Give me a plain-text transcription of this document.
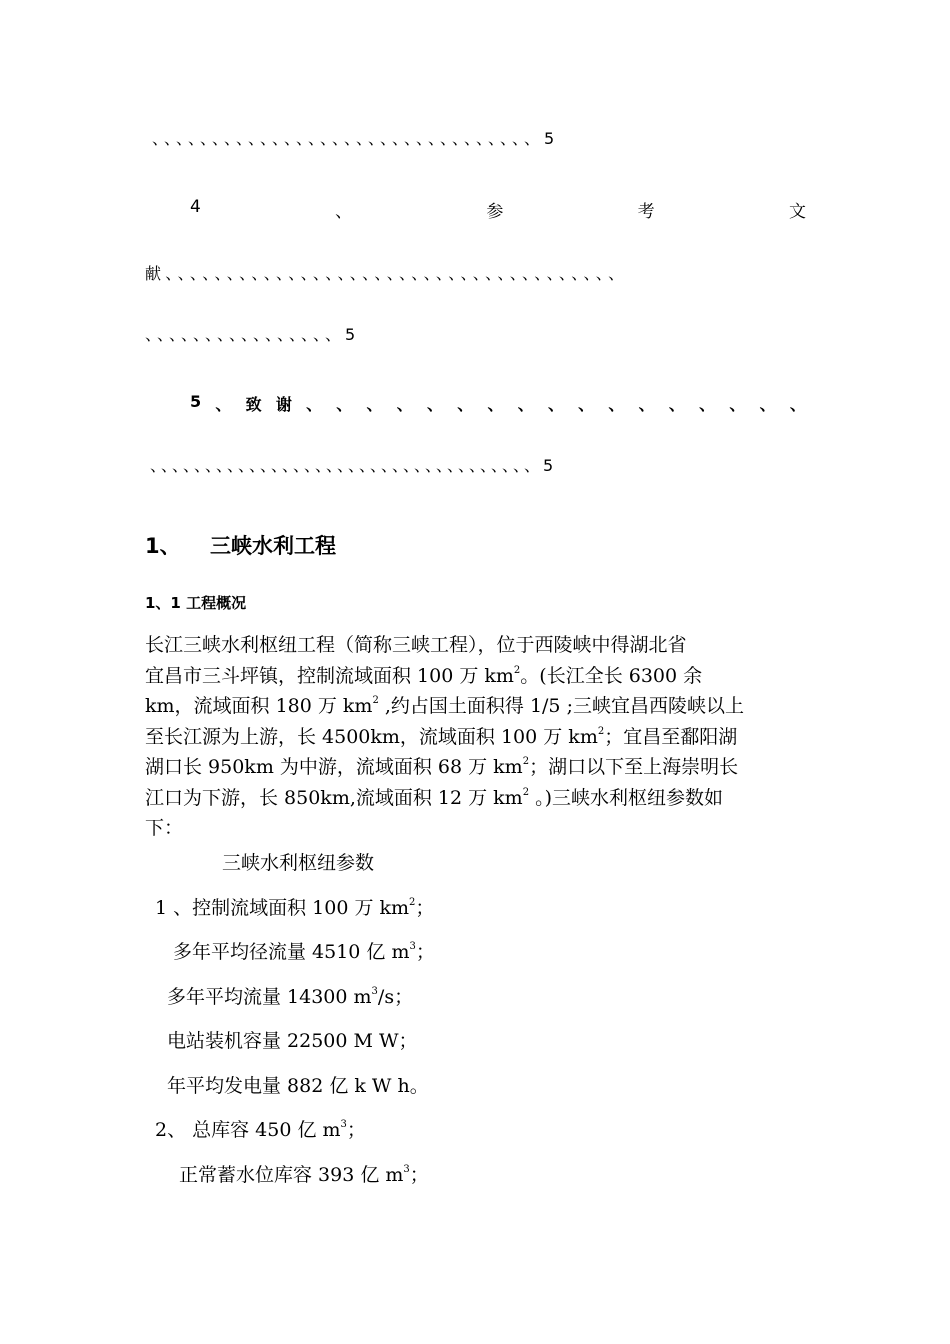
、、、、、、、、、、、、、、、、、、、、、、、、、、、、、、、、5
4	、	参	考	文
献、、、、、、、、、、、、、、、、、、、、、、、、、、、、、、、、、、、、、
、、、、、、、、、、、、、、、、5
5 、 致 谢 、 、 、 、 、 、 、 、 、 、 、 、 、 、 、 、 、
、、、、、、、、、、、、、、、、、、、、、、、、、、、、、、、、、、、5
1、 三峡水利工程
1、1 工程概况
长江三峡水利枢纽工程（简称三峡工程），位于西陵峡中得湖北省
宜昌市三斗坪镇，控制流域面积 100 万 $km^2$。(长江全长 6300 余
km，流域面积 180 万 $km^2$ ,约占国土面积得 1/5 ;三峡宜昌西陵峡以上
至长江源为上游，长 4500km，流域面积 100 万 $km^2$；宜昌至鄱阳湖
湖口长 950km 为中游，流域面积 68 万 $km^2$；湖口以下至上海崇明长
江口为下游，长 850km,流域面积 12 万 $km^2$ 。)三峡水利枢纽参数如
下：
三峡水利枢纽参数
1 、控制流域面积 100 万 $km^2$；
多年平均径流量 4510 亿 $m^3$；
多年平均流量 14300 $m^3/s$；
电站装机容量 22500 M W；
年平均发电量 882 亿 k W h。
2、 总库容 450 亿 $m^3$；
正常蓄水位库容 393 亿 $m^3$；
